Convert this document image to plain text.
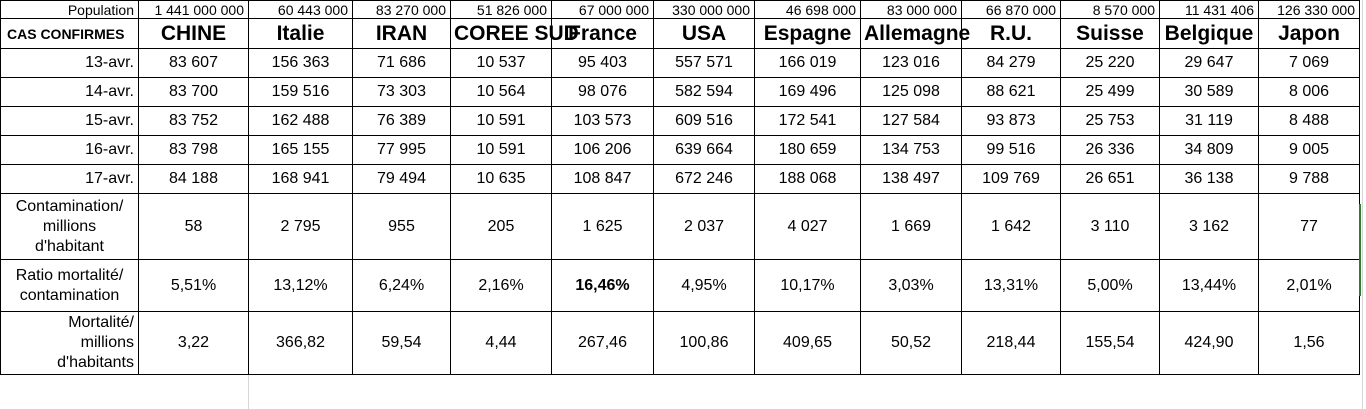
Population	1 441 000 000	60 443 000	83 270 000	51 826 000	67 000 000	330 000 000	46 698 000	83 000 000	66 870 000	8 570 000	11 431 406	126 330 000
CAS CONFIRMES	CHINE	Italie	IRAN	COREE SUD	France	USA	Espagne	Allemagne	R.U.	Suisse	Belgique	Japon
13-avr.	83 607	156 363	71 686	10 537	95 403	557 571	166 019	123 016	84 279	25 220	29 647	7 069
14-avr.	83 700	159 516	73 303	10 564	98 076	582 594	169 496	125 098	88 621	25 499	30 589	8 006
15-avr.	83 752	162 488	76 389	10 591	103 573	609 516	172 541	127 584	93 873	25 753	31 119	8 488
16-avr.	83 798	165 155	77 995	10 591	106 206	639 664	180 659	134 753	99 516	26 336	34 809	9 005
17-avr.	84 188	168 941	79 494	10 635	108 847	672 246	188 068	138 497	109 769	26 651	36 138	9 788

Contamination/
millions
d'habitant	58	2 795	955	205	1 625	2 037	4 027	1 669	1 642	3 110	3 162	77

Ratio mortalité/
contamination	5,51%	13,12%	6,24%	2,16%	16,46%	4,95%	10,17%	3,03%	13,31%	5,00%	13,44%	2,01%

Mortalité/
millions
d'habitants	3,22	366,82	59,54	4,44	267,46	100,86	409,65	50,52	218,44	155,54	424,90	1,56
